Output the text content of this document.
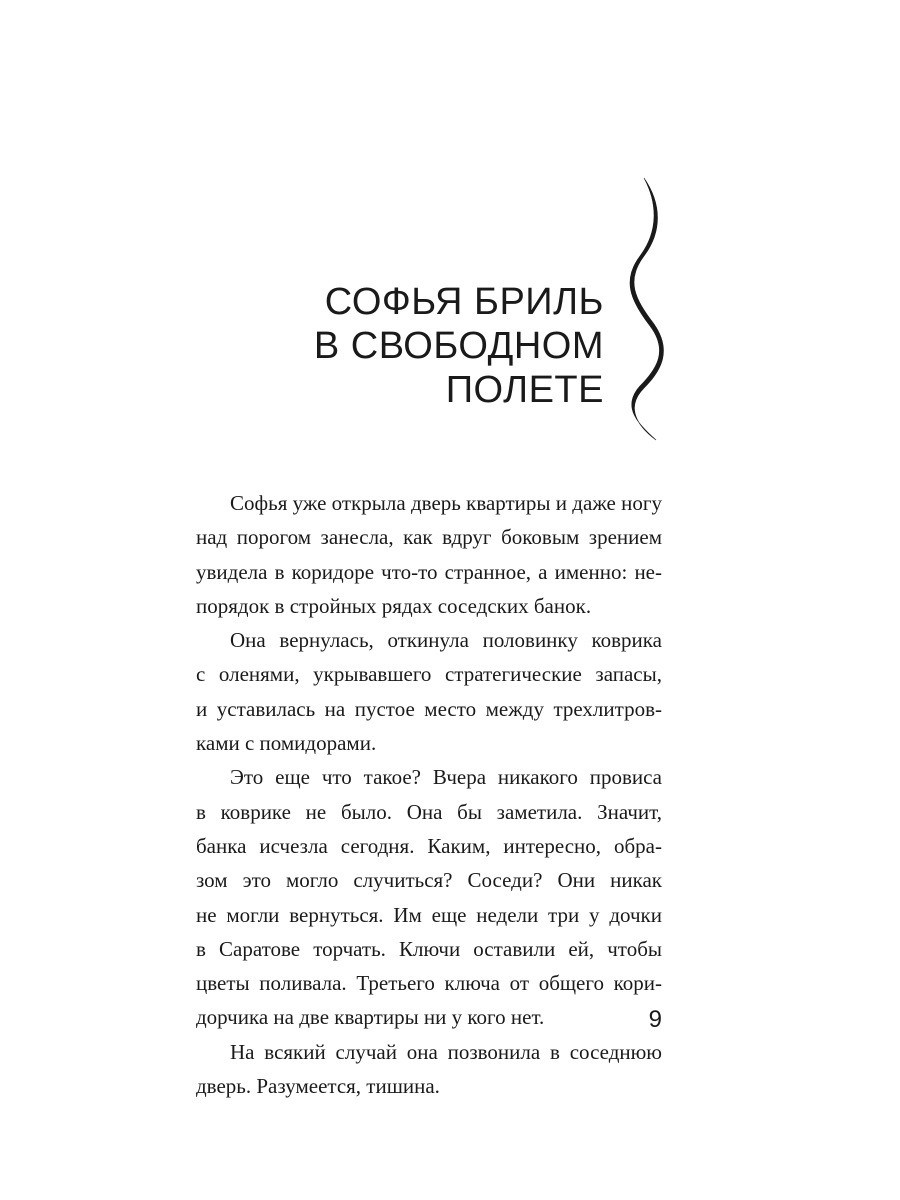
СОФЬЯ БРИЛЬ
В СВОБОДНОМ
ПОЛЕТЕ
Софья уже открыла дверь квартиры и даже ногу
над порогом занесла, как вдруг боковым зрением
увидела в коридоре что-то странное, а именно: не-
порядок в стройных рядах соседских банок.
Она вернулась, откинула половинку коврика
с оленями, укрывавшего стратегические запасы,
и уставилась на пустое место между трехлитров-
ками с помидорами.
Это еще что такое? Вчера никакого провиса
в коврике не было. Она бы заметила. Значит,
банка исчезла сегодня. Каким, интересно, обра-
зом это могло случиться? Соседи? Они никак
не могли вернуться. Им еще недели три у дочки
в Саратове торчать. Ключи оставили ей, чтобы
цветы поливала. Третьего ключа от общего кори-
дорчика на две квартиры ни у кого нет.
На всякий случай она позвонила в соседнюю
дверь. Разумеется, тишина.
9
